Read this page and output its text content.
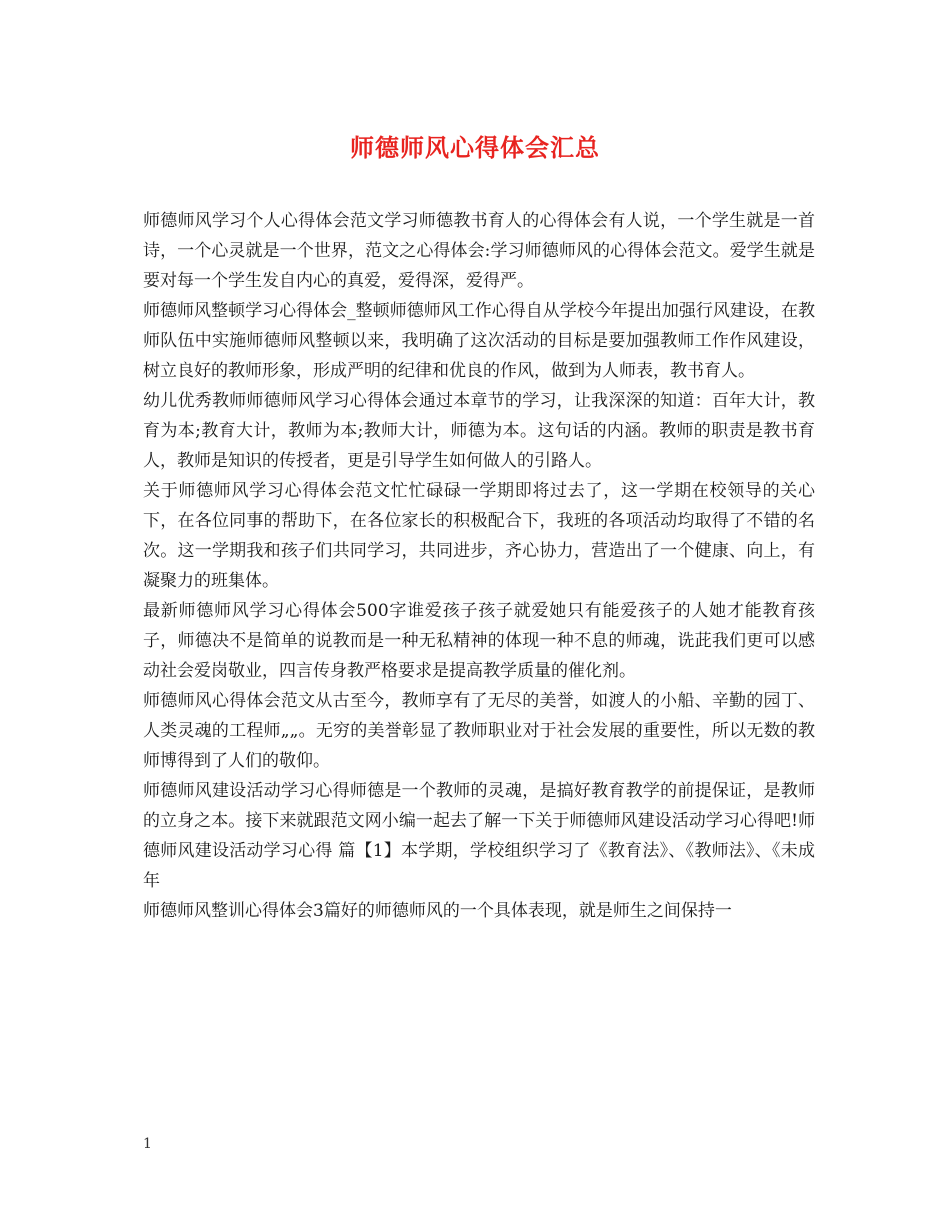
师德师风心得体会汇总

师德师风学习个人心得体会范文学习师德教书育人的心得体会有人说，一个学生就是一首诗，一个心灵就是一个世界，范文之心得体会:学习师德师风的心得体会范文。爱学生就是要对每一个学生发自内心的真爱，爱得深，爱得严。

师德师风整顿学习心得体会_整顿师德师风工作心得自从学校今年提出加强行风建设，在教师队伍中实施师德师风整顿以来，我明确了这次活动的目标是要加强教师工作作风建设，树立良好的教师形象，形成严明的纪律和优良的作风，做到为人师表，教书育人。

幼儿优秀教师师德师风学习心得体会通过本章节的学习，让我深深的知道：百年大计，教育为本;教育大计，教师为本;教师大计，师德为本。这句话的内涵。教师的职责是教书育人，教师是知识的传授者，更是引导学生如何做人的引路人。

关于师德师风学习心得体会范文忙忙碌碌一学期即将过去了，这一学期在校领导的关心下，在各位同事的帮助下，在各位家长的积极配合下，我班的各项活动均取得了不错的名次。这一学期我和孩子们共同学习，共同进步，齐心协力，营造出了一个健康、向上，有凝聚力的班集体。

最新师德师风学习心得体会500字谁爱孩子孩子就爱她只有能爱孩子的人她才能教育孩子，师德决不是简单的说教而是一种无私精神的体现一种不息的师魂，诜茈我们更可以感动社会爱岗敬业，四言传身教严格要求是提高教学质量的催化剂。

师德师风心得体会范文从古至今，教师享有了无尽的美誉，如渡人的小船、辛勤的园丁、人类灵魂的工程师„„。无穷的美誉彰显了教师职业对于社会发展的重要性，所以无数的教师博得到了人们的敬仰。

师德师风建设活动学习心得师德是一个教师的灵魂，是搞好教育教学的前提保证，是教师的立身之本。接下来就跟范文网小编一起去了解一下关于师德师风建设活动学习心得吧!师德师风建设活动学习心得 篇【1】本学期，学校组织学习了《教育法》、《教师法》、《未成年

师德师风整训心得体会3篇好的师德师风的一个具体表现，就是师生之间保持一

1
